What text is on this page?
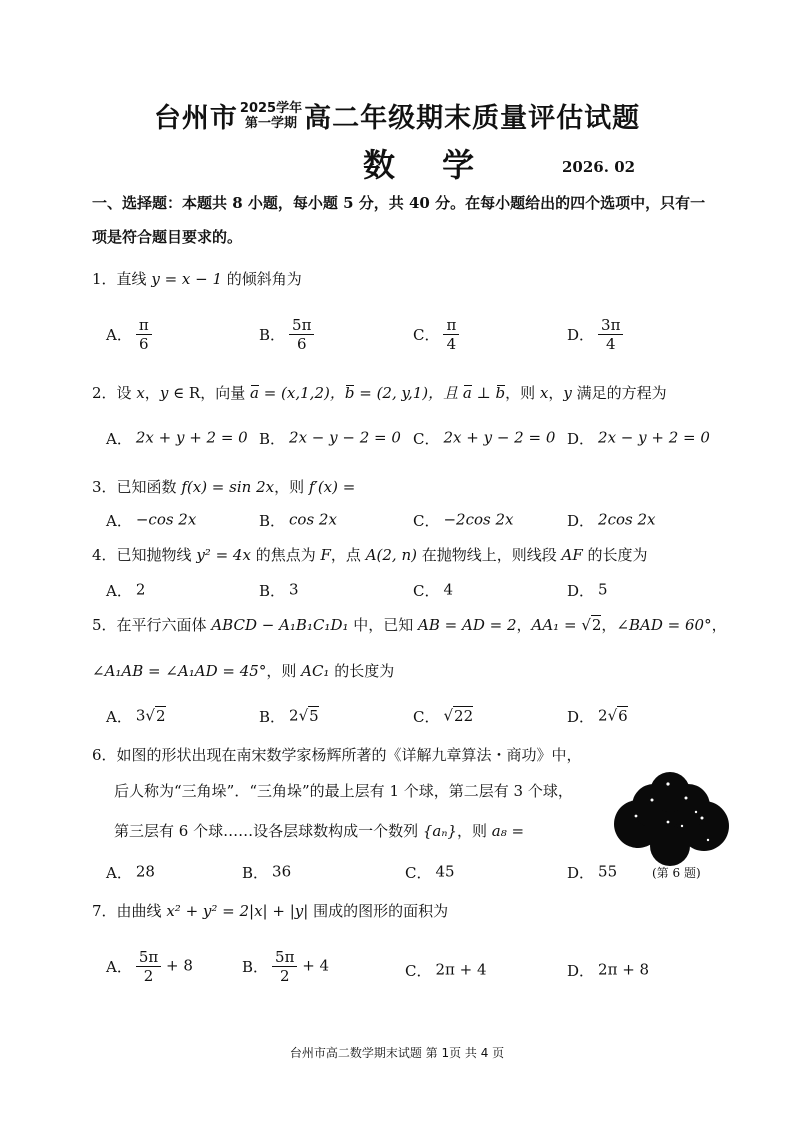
台州市 2025学年
第一学期 高二年级期末质量评估试题
数 学	2026. 02
一、选择题：本题共 8 小题，每小题 5 分，共 40 分。在每小题给出的四个选项中，只有一项是符合题目要求的。
1．直线 y = x − 1 的倾斜角为
A． $\frac{\pi}{6}$	B． $\frac{5\pi}{6}$	C． $\frac{\pi}{4}$	D． $\frac{3\pi}{4}$
2．设 x，y ∈ R，向量 a = (x,1,2)，b = (2, y,1)，且 a ⊥ b，则 x，y 满足的方程为
A． 2x + y + 2 = 0 B． 2x − y − 2 = 0 C． 2x + y − 2 = 0 D． 2x − y + 2 = 0
3．已知函数 f(x) = sin 2x，则 f′(x) =
A． −cos 2x	B． cos 2x	C． −2cos 2x	D． 2cos 2x
4．已知抛物线 y² = 4x 的焦点为 F，点 A(2, n) 在抛物线上，则线段 AF 的长度为
A． 2	B． 3	C． 4	D． 5
5．在平行六面体 ABCD − A₁B₁C₁D₁ 中，已知 AB = AD = 2，AA₁ = √2，∠BAD = 60°，
∠A₁AB = ∠A₁AD = 45°，则 AC₁ 的长度为
A． 3√2	B． 2√5	C． √22	D． 2√6
6．如图的形状出现在南宋数学家杨辉所著的《详解九章算法・商功》中，
后人称为“三角垛”．“三角垛”的最上层有 1 个球，第二层有 3 个球，
第三层有 6 个球……设各层球数构成一个数列 {aₙ}，则 a₈ =
(第 6 题)
A． 28	B． 36	C． 45	D． 55
7．由曲线 x² + y² = 2|x| + |y| 围成的图形的面积为
A． $\frac{5\pi}{2} + 8$	B． $\frac{5\pi}{2} + 4$	C． 2π + 4	D． 2π + 8
台州市高二数学期末试题 第 1页 共 4 页
